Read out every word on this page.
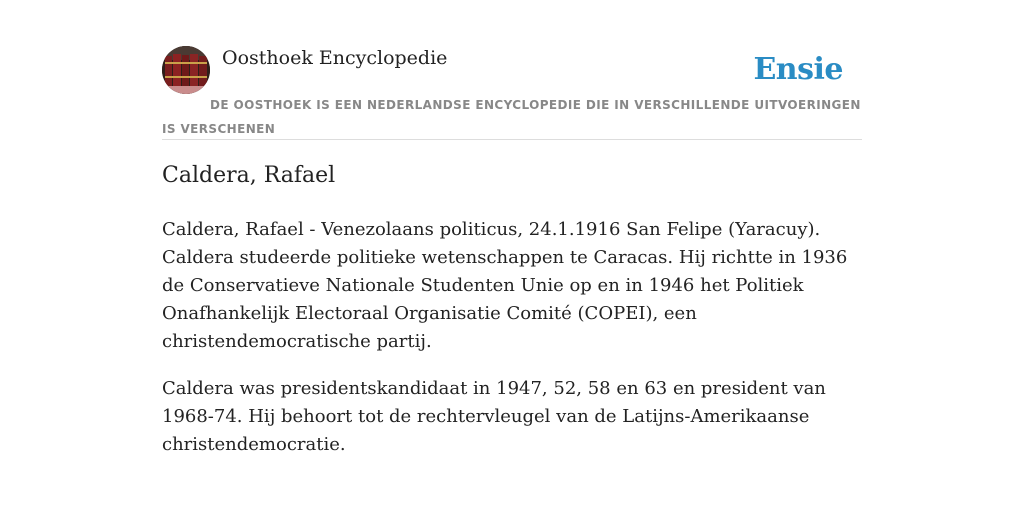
Oosthoek Encyclopedie	Ensie
DE OOSTHOEK IS EEN NEDERLANDSE ENCYCLOPEDIE DIE IN VERSCHILLENDE UITVOERINGEN IS VERSCHENEN
Caldera, Rafael

Caldera, Rafael - Venezolaans politicus, 24.1.1916 San Felipe (Yaracuy). Caldera studeerde politieke wetenschappen te Caracas. Hij richtte in 1936 de Conservatieve Nationale Studenten Unie op en in 1946 het Politiek Onafhankelijk Electoraal Organisatie Comité (COPEI), een christendemocratische partij.

Caldera was presidentskandidaat in 1947, 52, 58 en 63 en president van 1968-74. Hij behoort tot de rechtervleugel van de Latijns-Amerikaanse christendemocratie.
